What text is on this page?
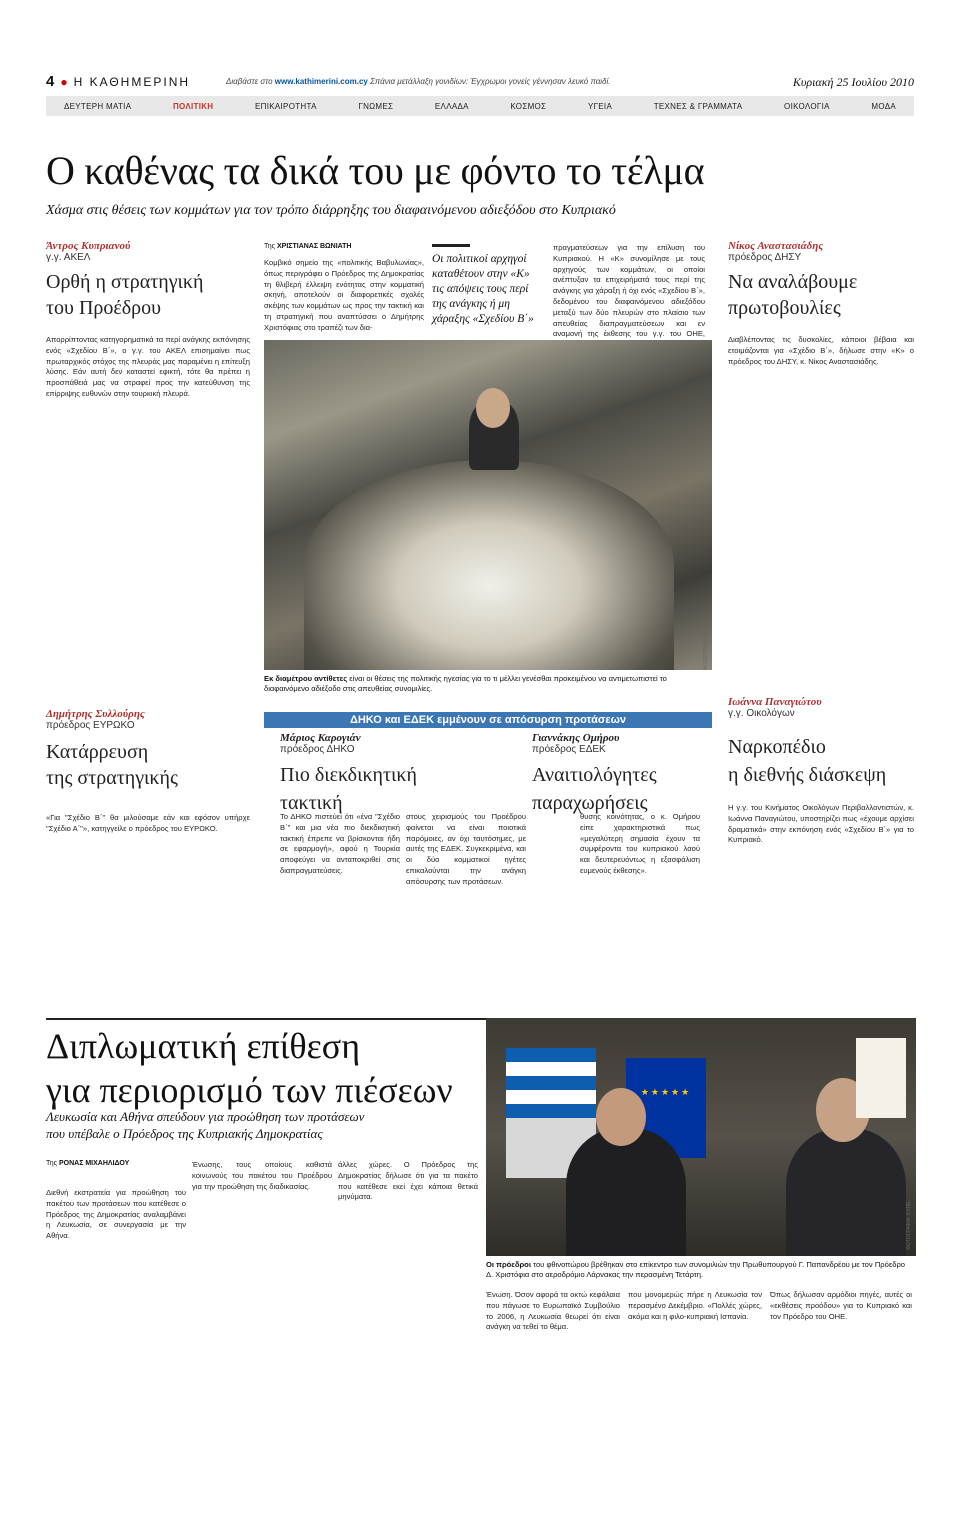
4 ● Η ΚΑΘΗΜΕΡΙΝΗ	Διαβάστε στο www.kathimerini.com.cy Σπάνια μετάλλαξη γονιδίων: Έγχρωμοι γονείς γέννησαν λευκό παιδί.	Κυριακή 25 Ιουλίου 2010
ΔΕΥΤΕΡΗ ΜΑΤΙΑ	ΠΟΛΙΤΙΚΗ	ΕΠΙΚΑΙΡΟΤΗΤΑ	ΓΝΩΜΕΣ	ΕΛΛΑΔΑ	ΚΟΣΜΟΣ	ΥΓΕΙΑ	ΤΕΧΝΕΣ & ΓΡΑΜΜΑΤΑ	ΟΙΚΟΛΟΓΙΑ	ΜΟΔΑ
Ο καθένας τα δικά του με φόντο το τέλμα
Χάσμα στις θέσεις των κομμάτων για τον τρόπο διάρρηξης του διαφαινόμενου αδιεξόδου στο Κυπριακό
Άντρος Κυπριανού
γ.γ. ΑΚΕΛ
Ορθή η στρατηγική
του Προέδρου
Απορρίπτοντας κατηγορηματικά τα περί ανάγκης εκπόνησης ενός «Σχεδίου Β΄», ο γ.γ. του ΑΚΕΛ επισημαίνει πως πρωταρχικός στόχος της πλευράς μας παραμένει η επίτευξη λύσης. Εάν αυτή δεν καταστεί εφικτή, τότε θα πρέπει η προσπάθειά μας να στραφεί προς την κατεύθυνση της επίρριψης ευθυνών στην τουρκική πλευρά.
Δημήτρης Συλλούρης
πρόεδρος ΕΥΡΩΚΟ
Κατάρρευση
της στρατηγικής
«Για "Σχέδιο Β΄" θα μιλούσαμε εάν και εφόσον υπήρχε "Σχέδιο Α΄"», κατηγγείλε ο πρόεδρος του ΕΥΡΩΚΟ.
Της ΧΡΙΣΤΙΑΝΑΣ ΒΩΝΙΑΤΗ
Κομβικό σημείο της «πολιτικής Βαβυλωνίας», όπως περιγράφει ο Πρόεδρος της Δημοκρατίας τη θλιβερή έλλειψη ενότητας στην κομματική σκηνή, αποτελούν οι διαφορετικές σχολές σκέψης των κομμάτων ως προς την τακτική και τη στρατηγική που αναπτύσσει ο Δημήτρης Χριστόφιας στο τραπέζι των δια-
Οι πολιτικοί αρχηγοί καταθέτουν στην «Κ» τις απόψεις τους περί της ανάγκης ή μη χάραξης «Σχεδίου Β΄»
πραγματεύσεων για την επίλυση του Κυπριακού. Η «Κ» συνομίλησε με τους αρχηγούς των κομμάτων, οι οποίοι ανέπτυξαν τα επιχειρήματά τους περί της ανάγκης για χάραξη ή όχι ενός «Σχεδίου Β΄», δεδομένου του διαφαινόμενου αδιεξόδου μεταξύ των δύο πλευρών στο πλαίσιο των απευθείας διαπραγματεύσεων και εν αναμονή της έκθεσης του γ.γ. του ΟΗΕ,
ΦΩΤΟΓΡΑΦΙΑ: ΚΥΠΕ
Εκ διαμέτρου αντίθετες είναι οι θέσεις της πολιτικής ηγεσίας για το τι μέλλει γενέσθαι προκειμένου να αντιμετωπιστεί το διαφαινόμενο αδιέξοδο στις απευθείας συνομιλίες.
ΔΗΚΟ και ΕΔΕΚ εμμένουν σε απόσυρση προτάσεων
Μάριος Καρογιάν
πρόεδρος ΔΗΚΟ
Πιο διεκδικητική
τακτική
Το ΔΗΚΟ πιστεύει ότι «ένα "Σχέδιο Β΄" και μια νέα πιο διεκδικητική τακτική έπρεπε να βρίσκονται ήδη σε εφαρμογή», αφού η Τουρκία αποφεύγει να ανταποκριθεί στις διαπραγματεύσεις.
στους χειρισμούς του Προέδρου φαίνεται να είναι ποιοτικά παρόμοιες, αν όχι ταυτόσημες, με αυτές της ΕΔΕΚ. Συγκεκριμένα, και οι δύο κομματικοί ηγέτες επικαλούνται την ανάγκη απόσυρσης των προτάσεων.
Γιαννάκης Ομήρου
πρόεδρος ΕΔΕΚ
Αναιτιολόγητες
παραχωρήσεις
θυσης κοινότητας, ο κ. Ομήρου είπε χαρακτηριστικά πως «μεγαλύτερη σημασία έχουν τα συμφέροντα του κυπριακού λαού και δευτερευόντως η εξασφάλιση ευμενούς έκθεσης».
Νίκος Αναστασιάδης
πρόεδρος ΔΗΣΥ
Να αναλάβουμε
πρωτοβουλίες
Διαβλέποντας τις δυσκολίες, κάποιοι βέβαια και ετοιμάζονται για «Σχέδιο Β΄», δήλωσε στην «Κ» ο πρόεδρος του ΔΗΣΥ, κ. Νίκος Αναστασιάδης.
Ιωάννα Παναγιώτου
γ.γ. Οικολόγων
Ναρκοπέδιο
η διεθνής διάσκεψη
Η γ.γ. του Κινήματος Οικολόγων Περιβαλλοντιστών, κ. Ιωάννα Παναγιώτου, υποστηρίζει πως «έχουμε αρχίσει δραματικά» στην εκπόνηση ενός «Σχεδίου Β΄» για το Κυπριακό.
Διπλωματική επίθεση
για περιορισμό των πιέσεων
Λευκωσία και Αθήνα σπεύδουν για προώθηση των προτάσεων
που υπέβαλε ο Πρόεδρος της Κυπριακής Δημοκρατίας
Της ΡΟΝΑΣ ΜΙΧΑΗΛΙΔΟΥ
Διεθνή εκστρατεία για προώθηση του πακέτου των προτάσεων που κατέθεσε ο Πρόεδρος της Δημοκρατίας αναλαμβάνει η Λευκωσία, σε συνεργασία με την Αθήνα.
Ένωσης, τους οποίους καθιστά κοινωνούς του πακέτου του Προέδρου για την προώθηση της διαδικασίας.
άλλες χώρες. Ο Πρόεδρος της Δημοκρατίας δήλωσε ότι για τα πακέτο που κατέθεσε εκεί έχει κάποια θετικά μηνύματα.
★★★★★
ΦΩΤΟΓΡΑΦΙΑ: ΚΥΠΕ
Οι πρόεδροι του φθινοπώρου βρέθηκαν στο επίκεντρο των συνομιλιών την Πρωθυπουργού Γ. Παπανδρέου με τον Πρόεδρο Δ. Χριστόφια στο αεροδρόμιο Λάρνακας την περασμένη Τετάρτη.
Ένωση. Όσον αφορά τα οκτώ κεφάλαια που πάγωσε το Ευρωπαϊκό Συμβούλιο το 2006, η Λευκωσία θεωρεί ότι είναι ανάγκη να τεθεί το θέμα.
που μονομερώς πήρε η Λευκωσία τον περασμένο Δεκέμβριο. «Πολλές χώρες, ακόμα και η φιλο-κυπριακή Ισπανία.
Όπως δήλωσαν αρμόδιοι πηγές, αυτές οι «εκθέσεις προόδου» για το Κυπριακό και τον Πρόεδρο του ΟΗΕ.
